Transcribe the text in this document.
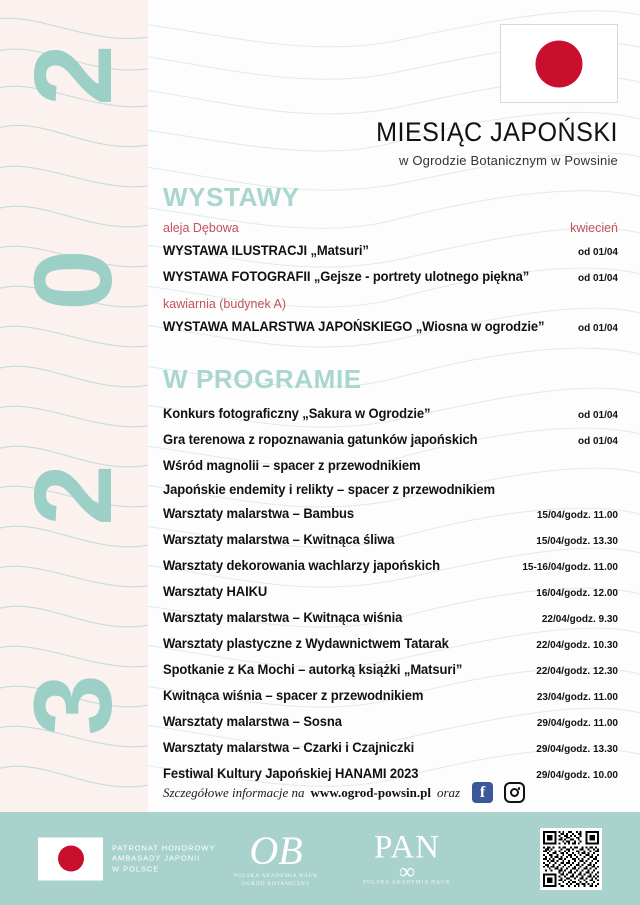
2
0
2
3
MIESIĄC JAPOŃSKI
w Ogrodzie Botanicznym w Powsinie
WYSTAWY
aleja Dębowa	kwiecień
WYSTAWA ILUSTRACJI „Matsuri”	od 01/04
WYSTAWA FOTOGRAFII „Gejsze - portrety ulotnego piękna”	od 01/04
kawiarnia (budynek A)
WYSTAWA MALARSTWA JAPOŃSKIEGO „Wiosna w ogrodzie”	od 01/04
W PROGRAMIE
Konkurs fotograficzny „Sakura w Ogrodzie”	od 01/04
Gra terenowa z ropoznawania gatunków japońskich	od 01/04
Wśród magnolii – spacer z przewodnikiem
Japońskie endemity i relikty – spacer z przewodnikiem
Warsztaty malarstwa – Bambus	15/04/godz. 11.00
Warsztaty malarstwa – Kwitnąca śliwa	15/04/godz. 13.30
Warsztaty dekorowania wachlarzy japońskich	15-16/04/godz. 11.00
Warsztaty HAIKU	16/04/godz. 12.00
Warsztaty malarstwa – Kwitnąca wiśnia	22/04/godz. 9.30
Warsztaty plastyczne z Wydawnictwem Tatarak	22/04/godz. 10.30
Spotkanie z Ka Mochi – autorką książki „Matsuri”	22/04/godz. 12.30
Kwitnąca wiśnia – spacer z przewodnikiem	23/04/godz. 11.00
Warsztaty malarstwa – Sosna	29/04/godz. 11.00
Warsztaty malarstwa – Czarki i Czajniczki	29/04/godz. 13.30
Festiwal Kultury Japońskiej HANAMI 2023	29/04/godz. 10.00
Szczegółowe informacje na www.ogrod-powsin.pl oraz f
PATRONAT HONOROWY
AMBASADY JAPONII
W POLSCE	OB
POLSKA AKADEMIA NAUK
OGRÓD BOTANICZNY
PAN
∞
POLSKA AKADEMIA NAUK
